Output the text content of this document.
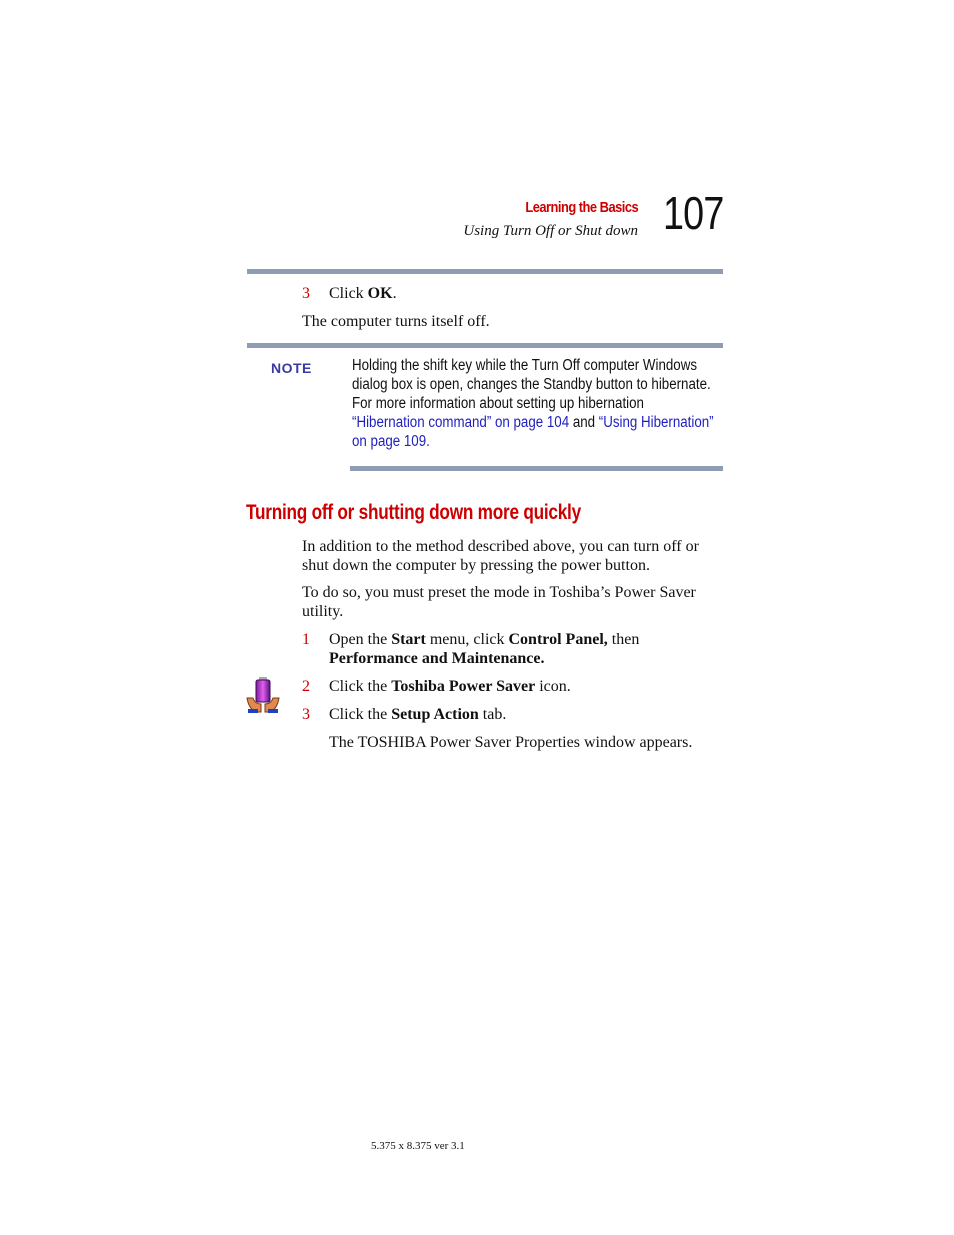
Learning the Basics
Using Turn Off or Shut down 107
3 Click OK.
The computer turns itself off.
NOTE	Holding the shift key while the Turn Off computer Windows
dialog box is open, changes the Standby button to hibernate.
For more information about setting up hibernation
“Hibernation command” on page 104 and “Using Hibernation”
on page 109.
Turning off or shutting down more quickly
In addition to the method described above, you can turn off or
shut down the computer by pressing the power button.
To do so, you must preset the mode in Toshiba’s Power Saver
utility.
1 Open the Start menu, click Control Panel, then
Performance and Maintenance.
2 Click the Toshiba Power Saver icon.
3 Click the Setup Action tab.
The TOSHIBA Power Saver Properties window appears.
5.375 x 8.375 ver 3.1
